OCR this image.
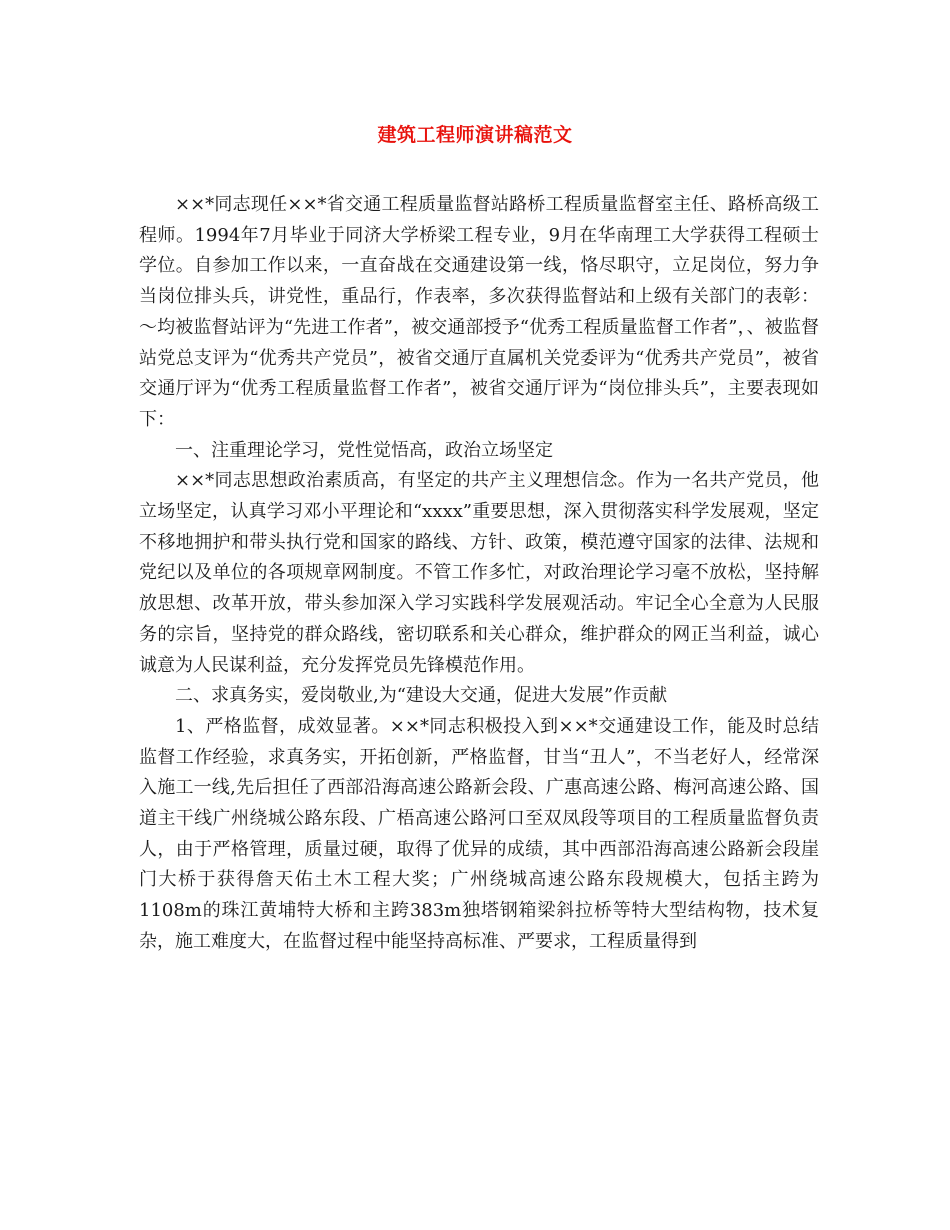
建筑工程师演讲稿范文

××*同志现任××*省交通工程质量监督站路桥工程质量监督室主任、路桥高级工程师。1994年7月毕业于同济大学桥梁工程专业，9月在华南理工大学获得工程硕士学位。自参加工作以来，一直奋战在交通建设第一线，恪尽职守，立足岗位，努力争当岗位排头兵，讲党性，重品行，作表率，多次获得监督站和上级有关部门的表彰：～均被监督站评为“先进工作者”，被交通部授予“优秀工程质量监督工作者”，、被监督站党总支评为“优秀共产党员”，被省交通厅直属机关党委评为“优秀共产党员”，被省交通厅评为“优秀工程质量监督工作者”，被省交通厅评为“岗位排头兵”，主要表现如下：

一、注重理论学习，党性觉悟高，政治立场坚定

××*同志思想政治素质高，有坚定的共产主义理想信念。作为一名共产党员，他立场坚定，认真学习邓小平理论和“xxxx”重要思想，深入贯彻落实科学发展观，坚定不移地拥护和带头执行党和国家的路线、方针、政策，模范遵守国家的法律、法规和党纪以及单位的各项规章网制度。不管工作多忙，对政治理论学习毫不放松，坚持解放思想、改革开放，带头参加深入学习实践科学发展观活动。牢记全心全意为人民服务的宗旨，坚持党的群众路线，密切联系和关心群众，维护群众的网正当利益，诚心诚意为人民谋利益，充分发挥党员先锋模范作用。

二、求真务实，爱岗敬业,为“建设大交通，促进大发展”作贡献

1、严格监督，成效显著。××*同志积极投入到××*交通建设工作，能及时总结监督工作经验，求真务实，开拓创新，严格监督，甘当“丑人”，不当老好人，经常深入施工一线,先后担任了西部沿海高速公路新会段、广惠高速公路、梅河高速公路、国道主干线广州绕城公路东段、广梧高速公路河口至双凤段等项目的工程质量监督负责人，由于严格管理，质量过硬，取得了优异的成绩，其中西部沿海高速公路新会段崖门大桥于获得詹天佑土木工程大奖；广州绕城高速公路东段规模大，包括主跨为1108m的珠江黄埔特大桥和主跨383m独塔钢箱梁斜拉桥等特大型结构物，技术复杂，施工难度大，在监督过程中能坚持高标准、严要求，工程质量得到
